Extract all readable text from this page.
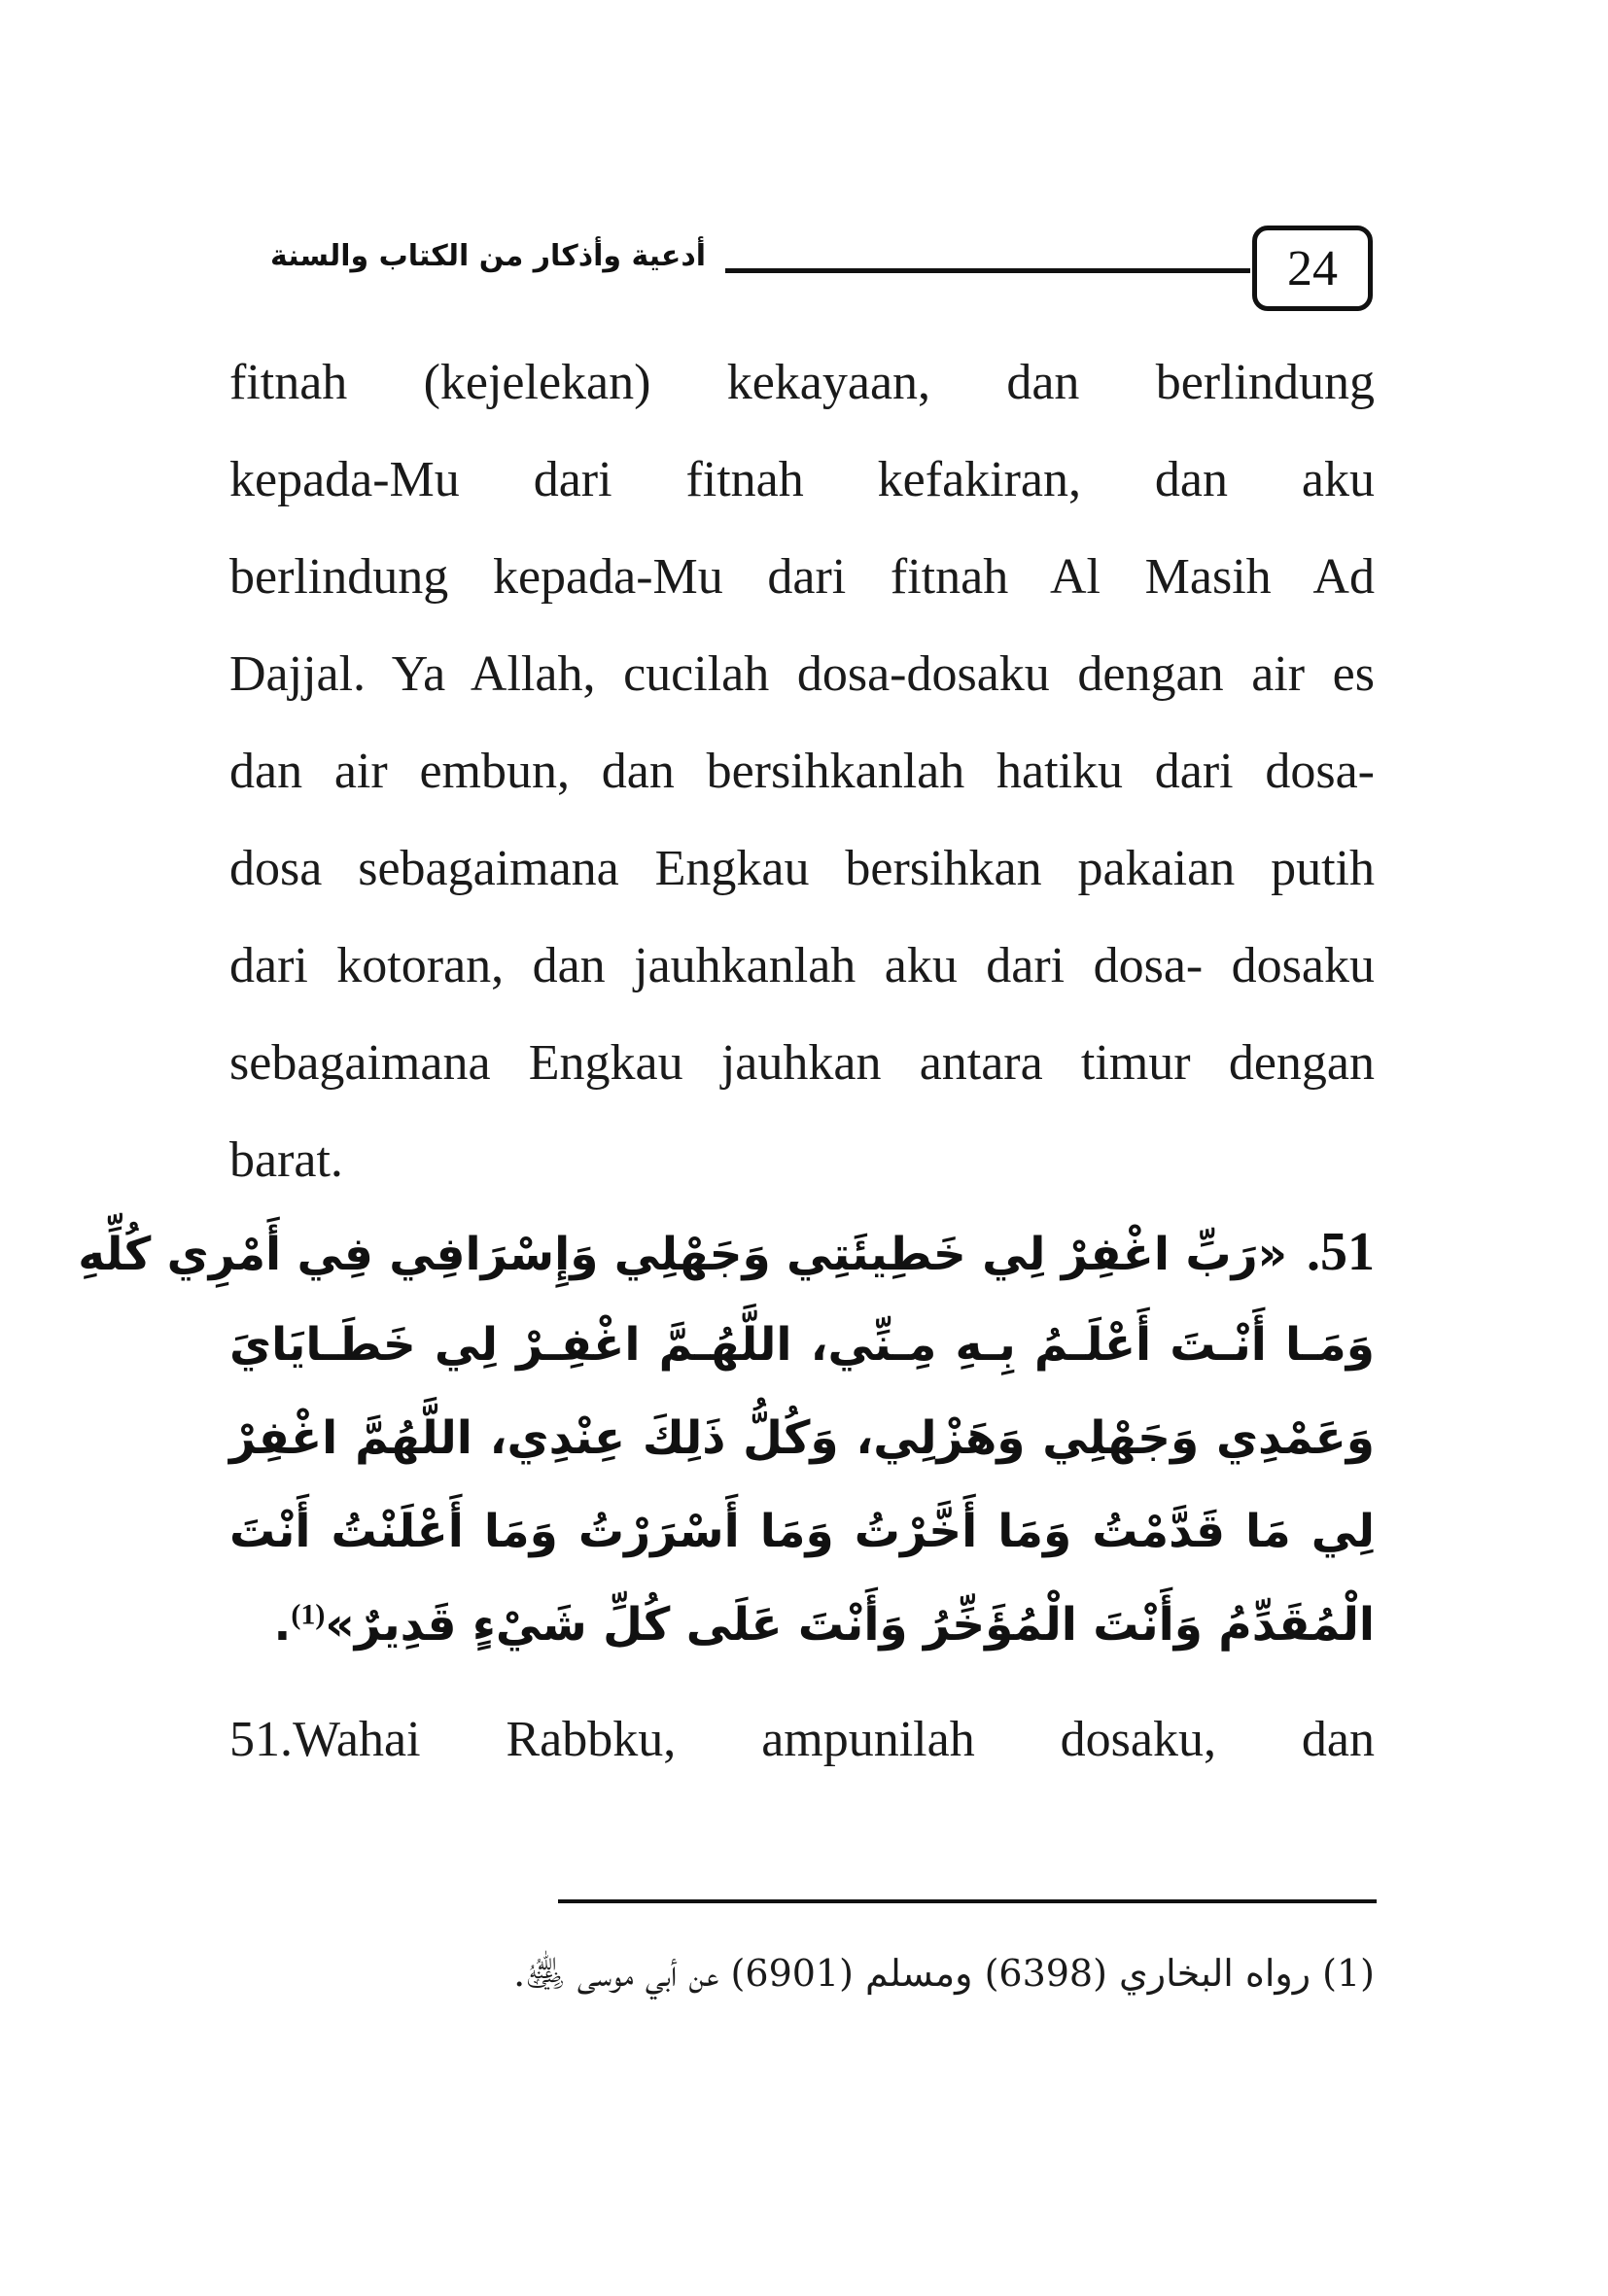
أدعية وأذكار من الكتاب والسنة	24
fitnah (kejelekan) kekayaan, dan berlindung
kepada-Mu dari fitnah kefakiran, dan aku
berlindung kepada-Mu dari fitnah Al Masih Ad
Dajjal. Ya Allah, cucilah dosa-dosaku dengan air es
dan air embun, dan bersihkanlah hatiku dari dosa-
dosa sebagaimana Engkau bersihkan pakaian putih
dari kotoran, dan jauhkanlah aku dari dosa- dosaku
sebagaimana Engkau jauhkan antara timur dengan
barat.
51.«رَبِّ اغْفِرْ لِي خَطِيئَتِي وَجَهْلِي وَإِسْرَافِي فِي أَمْرِي كُلِّهِ
وَمَـا أَنْـتَ أَعْلَـمُ بِـهِ مِـنِّي، اللَّهُـمَّ اغْفِـرْ لِي خَطَـايَايَ
وَعَمْدِي وَجَهْلِي وَهَزْلِي، وَكُلُّ ذَلِكَ عِنْدِي، اللَّهُمَّ اغْفِرْ
لِي مَا قَدَّمْتُ وَمَا أَخَّرْتُ وَمَا أَسْرَرْتُ وَمَا أَعْلَنْتُ أَنْتَ
الْمُقَدِّمُ وَأَنْتَ الْمُؤَخِّرُ وَأَنْتَ عَلَى كُلِّ شَيْءٍ قَدِيرٌ»$^{(1)}$.
51.Wahai Rabbku, ampunilah dosaku, dan
(1) رواه البخاري (6398) ومسلم (6901) عن أبي موسى ﵁.
